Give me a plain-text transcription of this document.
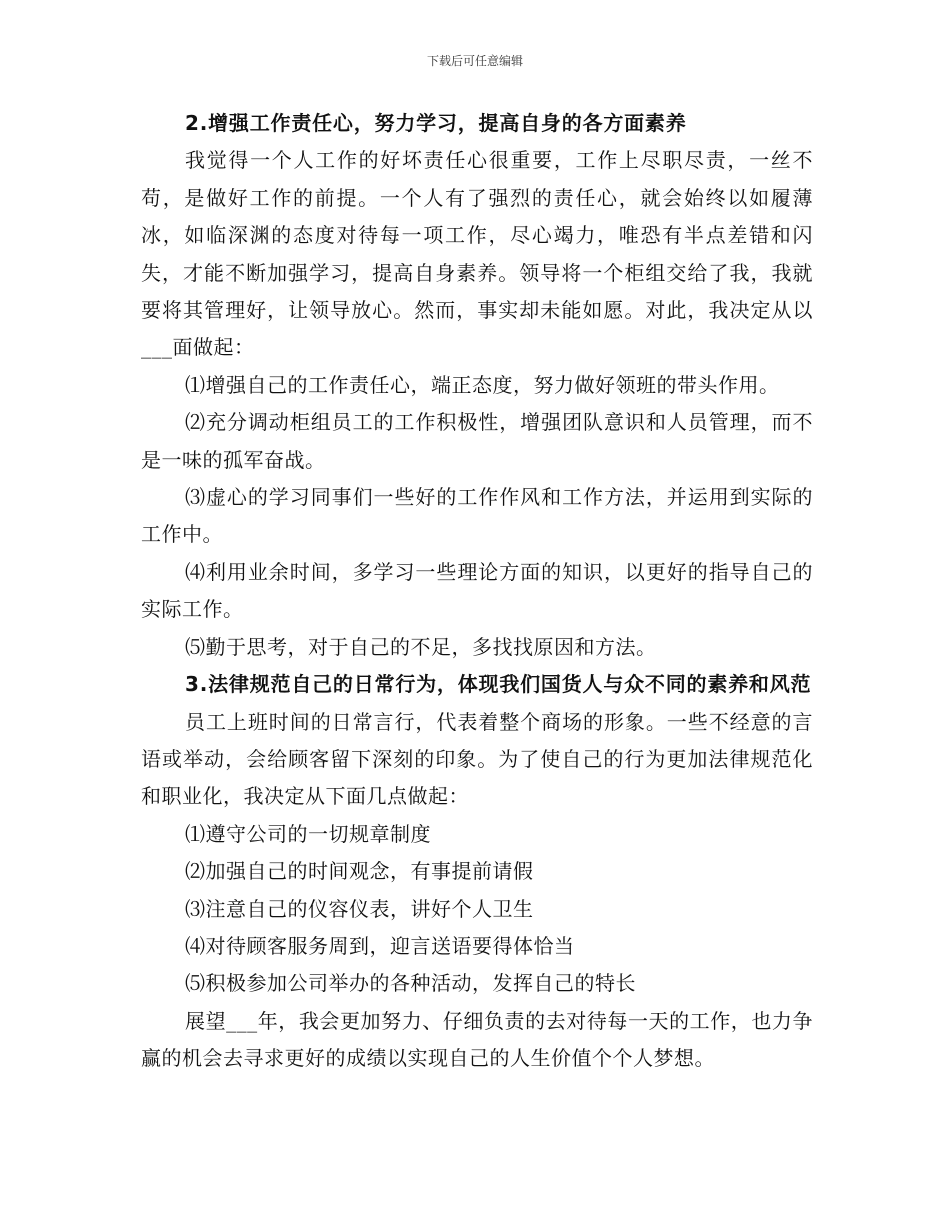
下载后可任意编辑

2.增强工作责任心，努力学习，提高自身的各方面素养

我觉得一个人工作的好坏责任心很重要，工作上尽职尽责，一丝不苟，是做好工作的前提。一个人有了强烈的责任心，就会始终以如履薄冰，如临深渊的态度对待每一项工作，尽心竭力，唯恐有半点差错和闪失，才能不断加强学习，提高自身素养。领导将一个柜组交给了我，我就要将其管理好，让领导放心。然而，事实却未能如愿。对此，我决定从以___面做起：

⑴增强自己的工作责任心，端正态度，努力做好领班的带头作用。

⑵充分调动柜组员工的工作积极性，增强团队意识和人员管理，而不是一味的孤军奋战。

⑶虚心的学习同事们一些好的工作作风和工作方法，并运用到实际的工作中。

⑷利用业余时间，多学习一些理论方面的知识，以更好的指导自己的实际工作。

⑸勤于思考，对于自己的不足，多找找原因和方法。

3.法律规范自己的日常行为，体现我们国货人与众不同的素养和风范

员工上班时间的日常言行，代表着整个商场的形象。一些不经意的言语或举动，会给顾客留下深刻的印象。为了使自己的行为更加法律规范化和职业化，我决定从下面几点做起：

⑴遵守公司的一切规章制度

⑵加强自己的时间观念，有事提前请假

⑶注意自己的仪容仪表，讲好个人卫生

⑷对待顾客服务周到，迎言送语要得体恰当

⑸积极参加公司举办的各种活动，发挥自己的特长

展望___年，我会更加努力、仔细负责的去对待每一天的工作，也力争赢的机会去寻求更好的成绩以实现自己的人生价值个个人梦想。
